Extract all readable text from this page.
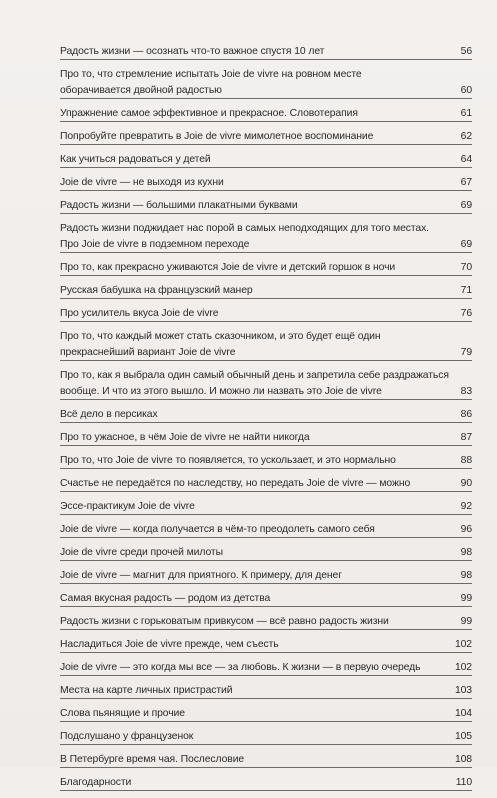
Радость жизни — осознать что-то важное спустя 10 лет	56
Про то, что стремление испытать Joie de vivre на ровном месте
оборачивается двойной радостью	60
Упражнение самое эффективное и прекрасное. Словотерапия	61
Попробуйте превратить в Joie de vivre мимолетное воспоминание	62
Как учиться радоваться у детей	64
Joie de vivre — не выходя из кухни	67
Радость жизни — большими плакатными буквами	69
Радость жизни поджидает нас порой в самых неподходящих для того местах.
Про Joie de vivre в подземном переходе	69
Про то, как прекрасно уживаются Joie de vivre и детский горшок в ночи	70
Русская бабушка на французский манер	71
Про усилитель вкуса Joie de vivre	76
Про то, что каждый может стать сказочником, и это будет ещё один
прекраснейший вариант Joie de vivre	79
Про то, как я выбрала один самый обычный день и запретила себе раздражаться
вообще. И что из этого вышло. И можно ли назвать это Joie de vivre	83
Всё дело в персиках	86
Про то ужасное, в чём Joie de vivre не найти никогда	87
Про то, что Joie de vivre то появляется, то ускользает, и это нормально	88
Счастье не передаётся по наследству, но передать Joie de vivre — можно	90
Эссе-практикум Joie de vivre	92
Joie de vivre — когда получается в чём-то преодолеть самого себя	96
Joie de vivre среди прочей милоты	98
Joie de vivre — магнит для приятного. К примеру, для денег	98
Самая вкусная радость — родом из детства	99
Радость жизни с горьковатым привкусом — всё равно радость жизни	99
Насладиться Joie de vivre прежде, чем съесть	102
Joie de vivre — это когда мы все — за любовь. К жизни — в первую очередь	102
Места на карте личных пристрастий	103
Слова пьянящие и прочие	104
Подслушано у французенок	105
В Петербурге время чая. Послесловие	108
Благодарности	110
